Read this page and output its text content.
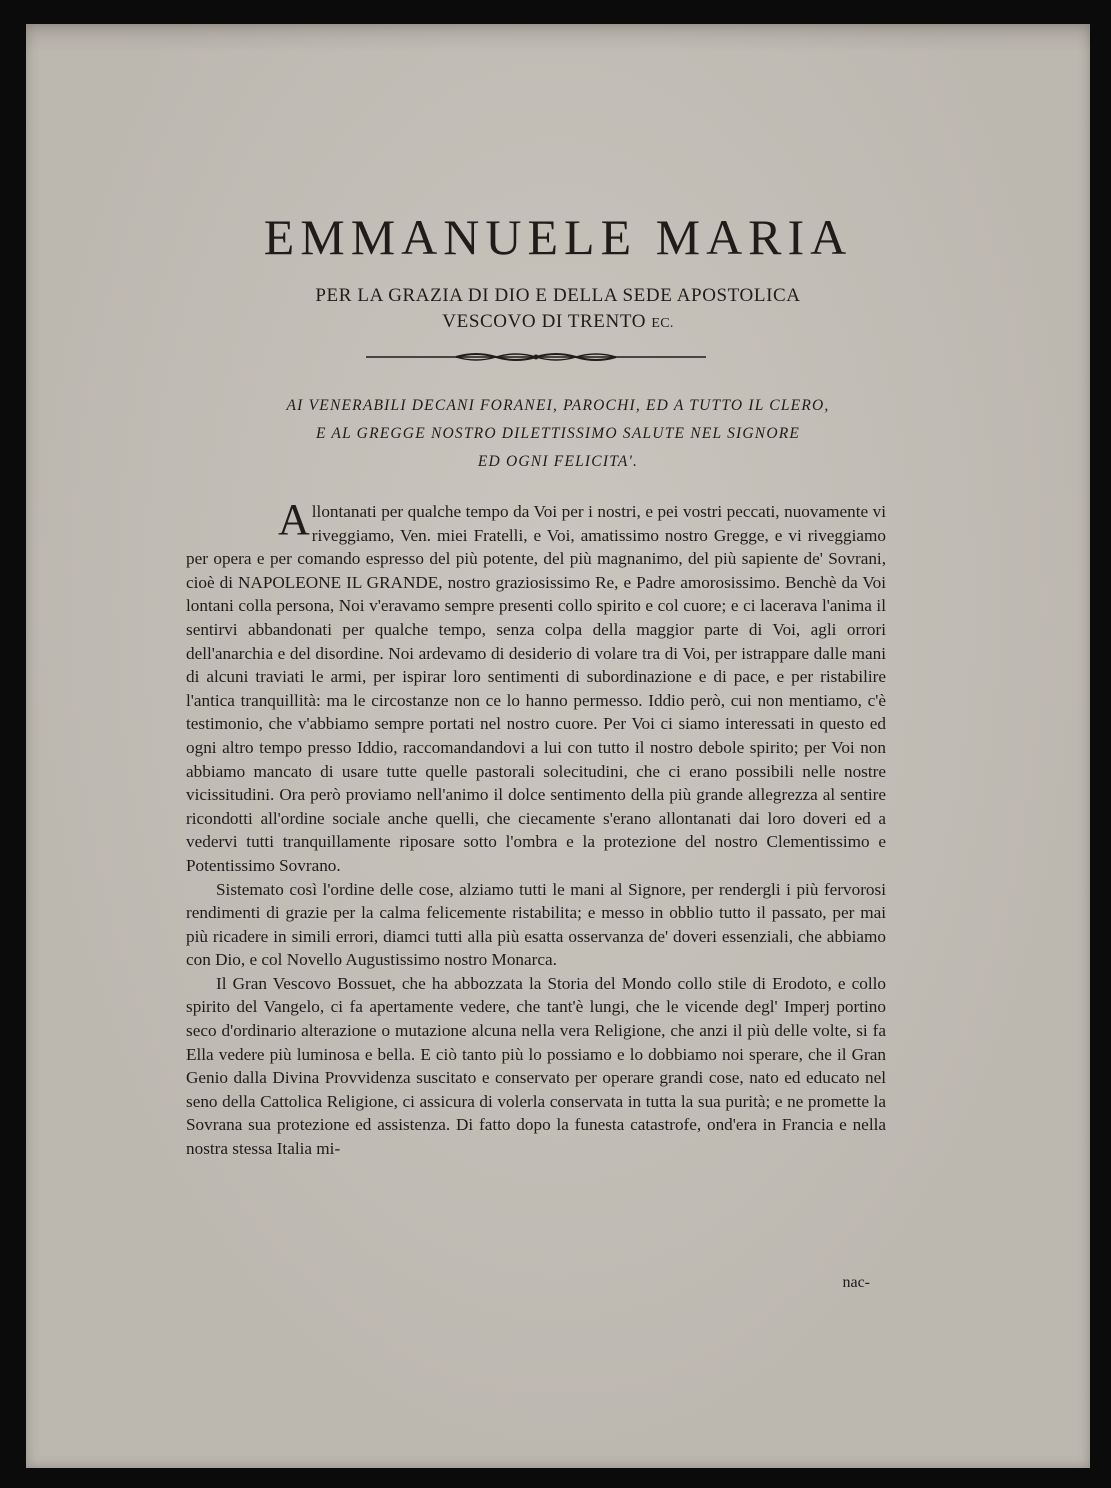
EMMANUELE MARIA
PER LA GRAZIA DI DIO E DELLA SEDE APOSTOLICA
VESCOVO DI TRENTO EC.
AI VENERABILI DECANI FORANEI, PAROCHI, ED A TUTTO IL CLERO,
E AL GREGGE NOSTRO DILETTISSIMO SALUTE NEL SIGNORE
ED OGNI FELICITA'.

Allontanati per qualche tempo da Voi per i nostri, e pei vostri peccati, nuovamente vi riveggiamo, Ven. miei Fratelli, e Voi, amatissimo nostro Gregge, e vi riveggiamo per opera e per comando espresso del più potente, del più magnanimo, del più sapiente de' Sovrani, cioè di NAPOLEONE IL GRANDE, nostro graziosissimo Re, e Padre amorosissimo. Benchè da Voi lontani colla persona, Noi v'eravamo sempre presenti collo spirito e col cuore; e ci lacerava l'anima il sentirvi abbandonati per qualche tempo, senza colpa della maggior parte di Voi, agli orrori dell'anarchia e del disordine. Noi ardevamo di desiderio di volare tra di Voi, per istrappare dalle mani di alcuni traviati le armi, per ispirar loro sentimenti di subordinazione e di pace, e per ristabilire l'antica tranquillità: ma le circostanze non ce lo hanno permesso. Iddio però, cui non mentiamo, c'è testimonio, che v'abbiamo sempre portati nel nostro cuore. Per Voi ci siamo interessati in questo ed ogni altro tempo presso Iddio, raccomandandovi a lui con tutto il nostro debole spirito; per Voi non abbiamo mancato di usare tutte quelle pastorali solecitudini, che ci erano possibili nelle nostre vicissitudini. Ora però proviamo nell'animo il dolce sentimento della più grande allegrezza al sentire ricondotti all'ordine sociale anche quelli, che ciecamente s'erano allontanati dai loro doveri ed a vedervi tutti tranquillamente riposare sotto l'ombra e la protezione del nostro Clementissimo e Potentissimo Sovrano.

Sistemato così l'ordine delle cose, alziamo tutti le mani al Signore, per rendergli i più fervorosi rendimenti di grazie per la calma felicemente ristabilita; e messo in obblio tutto il passato, per mai più ricadere in simili errori, diamci tutti alla più esatta osservanza de' doveri essenziali, che abbiamo con Dio, e col Novello Augustissimo nostro Monarca.

Il Gran Vescovo Bossuet, che ha abbozzata la Storia del Mondo collo stile di Erodoto, e collo spirito del Vangelo, ci fa apertamente vedere, che tant'è lungi, che le vicende degl' Imperj portino seco d'ordinario alterazione o mutazione alcuna nella vera Religione, che anzi il più delle volte, si fa Ella vedere più luminosa e bella. E ciò tanto più lo possiamo e lo dobbiamo noi sperare, che il Gran Genio dalla Divina Provvidenza suscitato e conservato per operare grandi cose, nato ed educato nel seno della Cattolica Religione, ci assicura di volerla conservata in tutta la sua purità; e ne promette la Sovrana sua protezione ed assistenza. Di fatto dopo la funesta catastrofe, ond'era in Francia e nella nostra stessa Italia mi-

nac-
